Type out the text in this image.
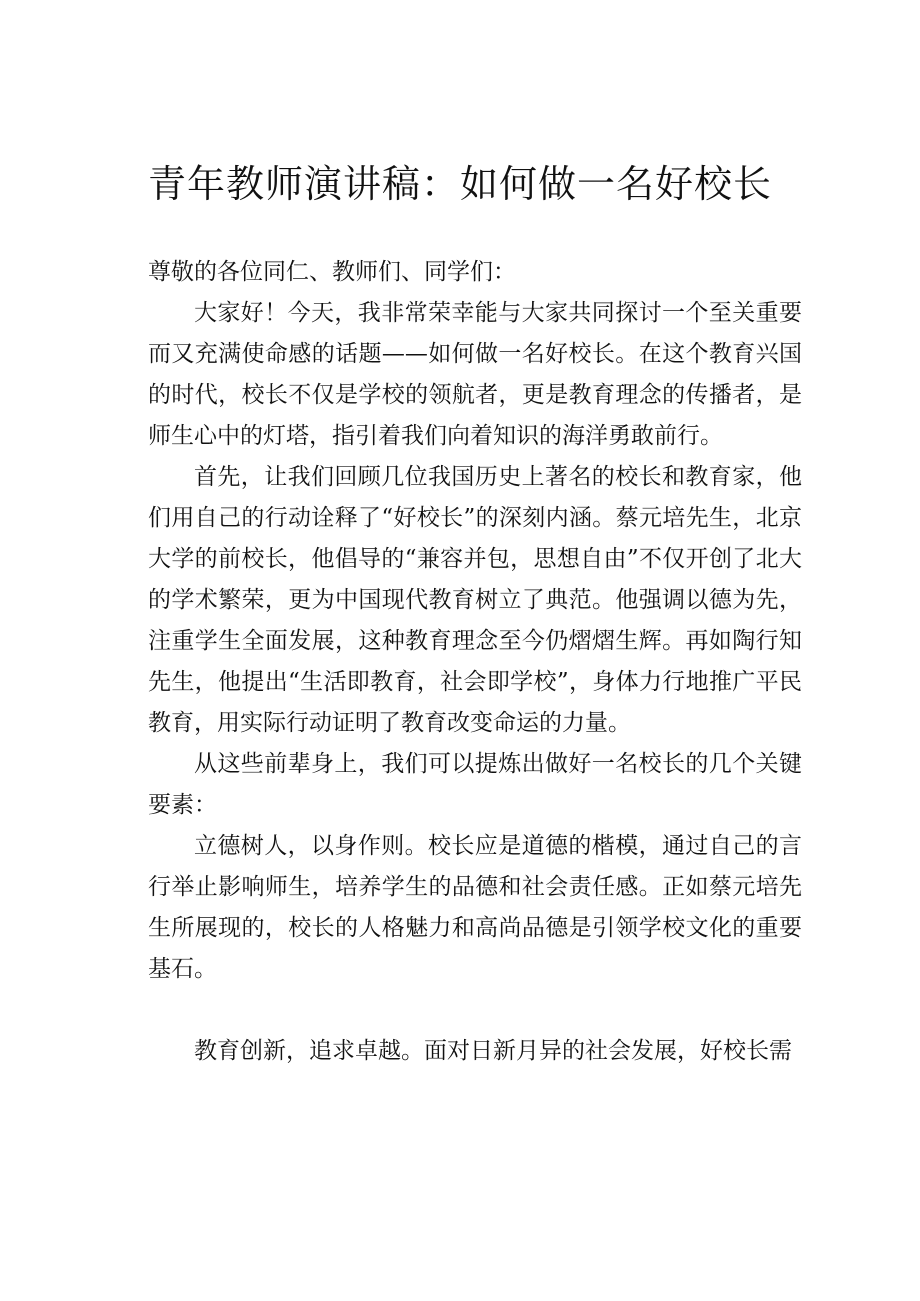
青年教师演讲稿：如何做一名好校长

尊敬的各位同仁、教师们、同学们：

大家好！今天，我非常荣幸能与大家共同探讨一个至关重要而又充满使命感的话题——如何做一名好校长。在这个教育兴国的时代，校长不仅是学校的领航者，更是教育理念的传播者，是师生心中的灯塔，指引着我们向着知识的海洋勇敢前行。

首先，让我们回顾几位我国历史上著名的校长和教育家，他们用自己的行动诠释了“好校长”的深刻内涵。蔡元培先生，北京大学的前校长，他倡导的“兼容并包，思想自由”不仅开创了北大的学术繁荣，更为中国现代教育树立了典范。他强调以德为先，注重学生全面发展，这种教育理念至今仍熠熠生辉。再如陶行知先生，他提出“生活即教育，社会即学校”，身体力行地推广平民教育，用实际行动证明了教育改变命运的力量。

从这些前辈身上，我们可以提炼出做好一名校长的几个关键要素：

立德树人，以身作则。校长应是道德的楷模，通过自己的言行举止影响师生，培养学生的品德和社会责任感。正如蔡元培先生所展现的，校长的人格魅力和高尚品德是引领学校文化的重要基石。

教育创新，追求卓越。面对日新月异的社会发展，好校长需
